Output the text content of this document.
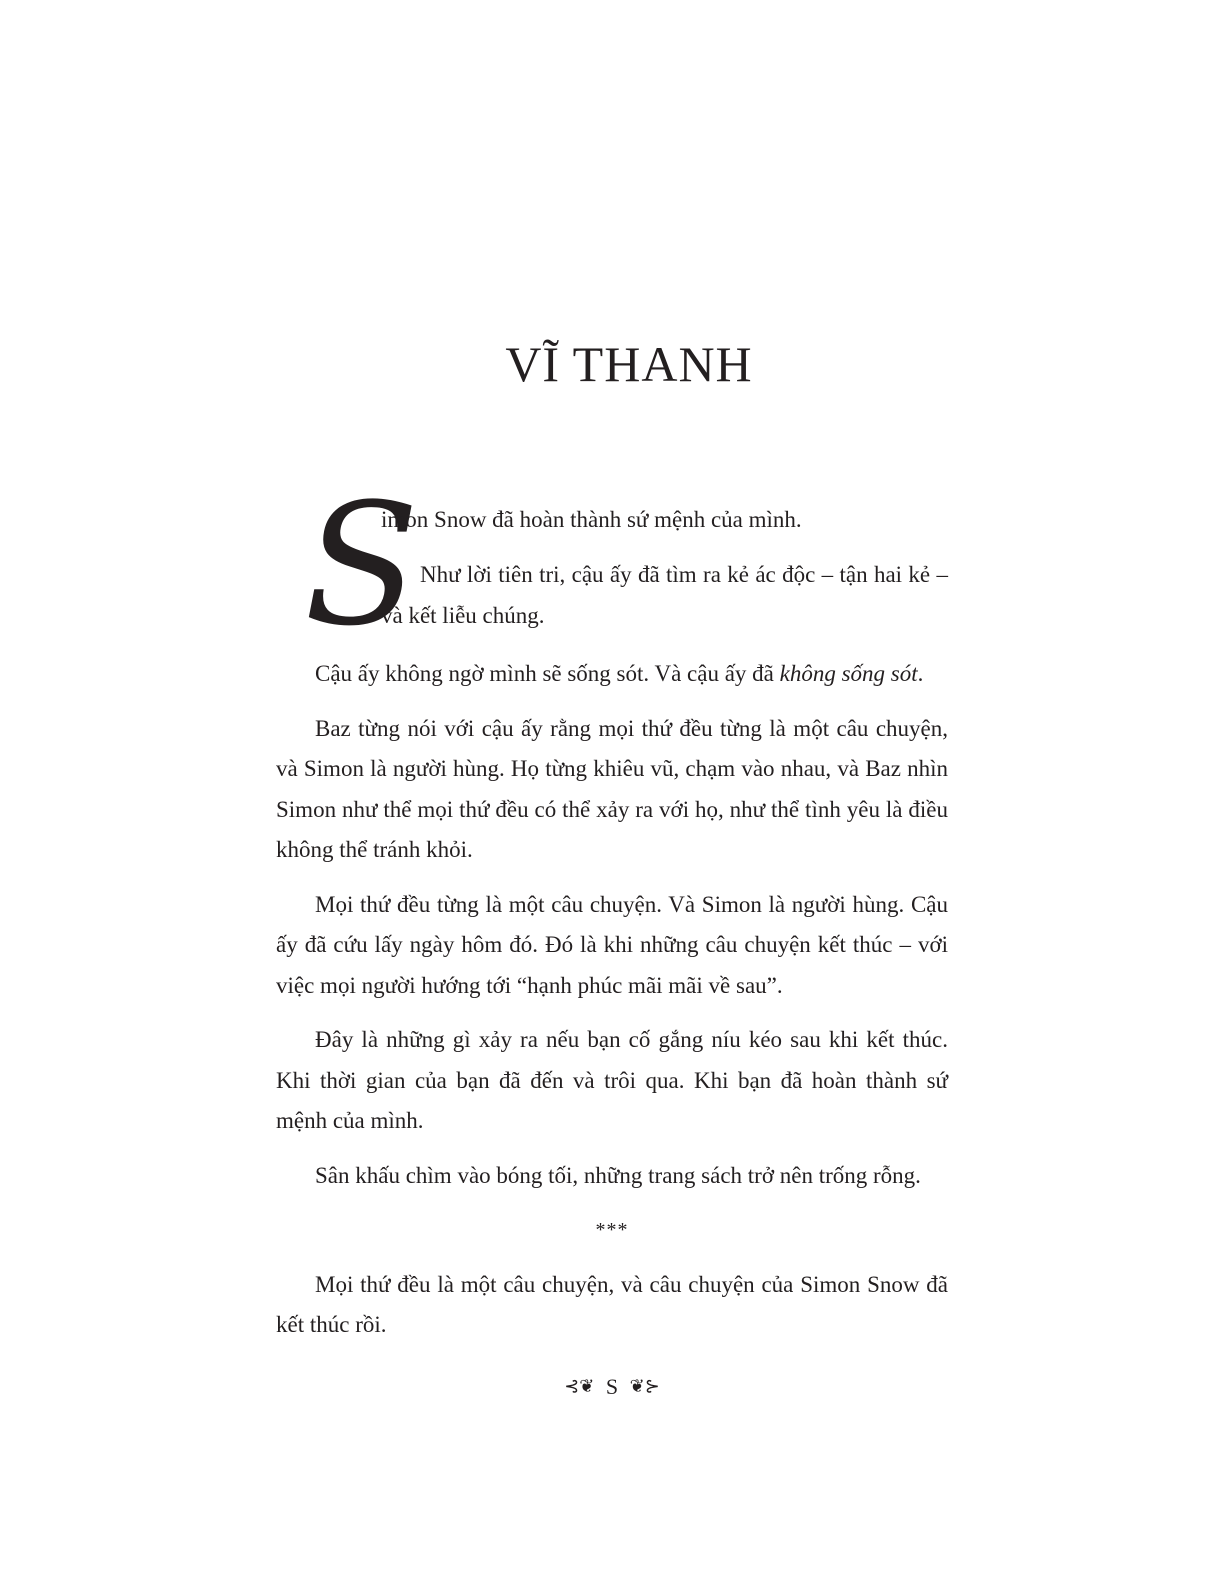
VĨ THANH
S

imon Snow đã hoàn thành sứ mệnh của mình.

Như lời tiên tri, cậu ấy đã tìm ra kẻ ác độc – tận hai kẻ – và kết liễu chúng.

Cậu ấy không ngờ mình sẽ sống sót. Và cậu ấy đã không sống sót.

Baz từng nói với cậu ấy rằng mọi thứ đều từng là một câu chuyện, và Simon là người hùng. Họ từng khiêu vũ, chạm vào nhau, và Baz nhìn Simon như thể mọi thứ đều có thể xảy ra với họ, như thể tình yêu là điều không thể tránh khỏi.

Mọi thứ đều từng là một câu chuyện. Và Simon là người hùng. Cậu ấy đã cứu lấy ngày hôm đó. Đó là khi những câu chuyện kết thúc – với việc mọi người hướng tới “hạnh phúc mãi mãi về sau”.

Đây là những gì xảy ra nếu bạn cố gắng níu kéo sau khi kết thúc. Khi thời gian của bạn đã đến và trôi qua. Khi bạn đã hoàn thành sứ mệnh của mình.

Sân khấu chìm vào bóng tối, những trang sách trở nên trống rỗng.

***

Mọi thứ đều là một câu chuyện, và câu chuyện của Simon Snow đã kết thúc rồi.

⊰❦ S ❦⊱
